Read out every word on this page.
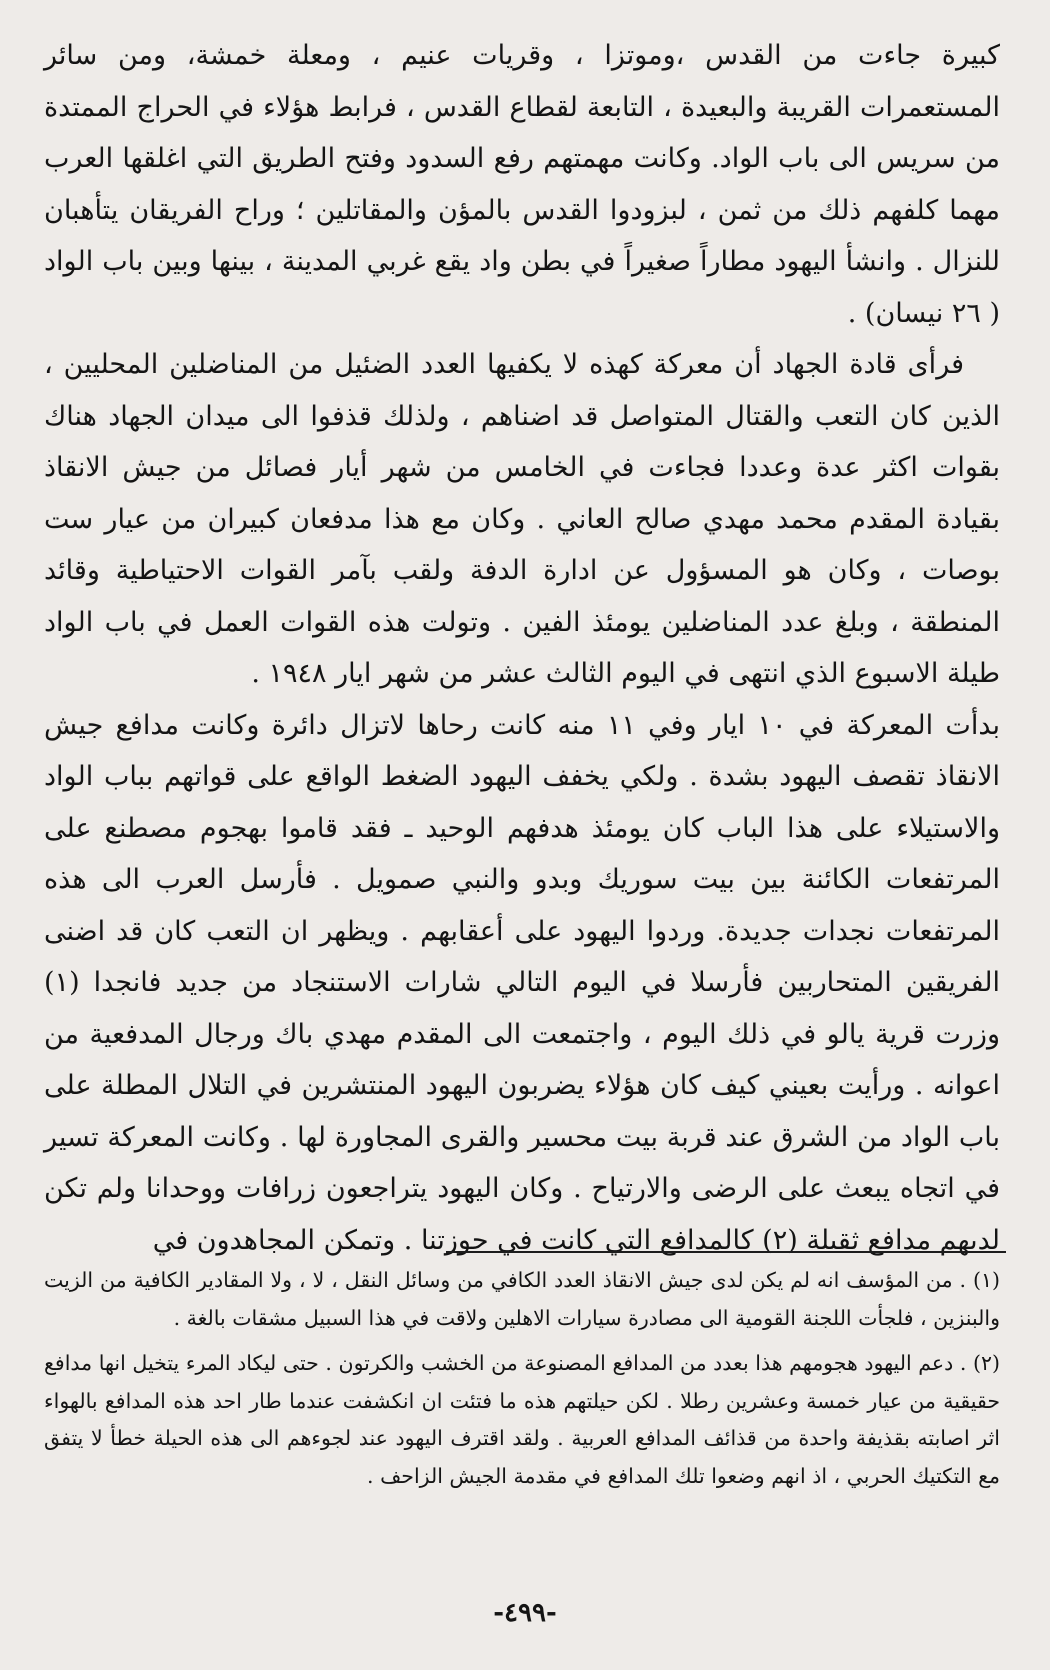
كبيرة جاءت من القدس ،وموتزا ، وقريات عنيم ، ومعلة خمشة، ومن سائر المستعمرات القريبة والبعيدة ، التابعة لقطاع القدس ، فرابط هؤلاء في الحراج الممتدة من سريس الى باب الواد. وكانت مهمتهم رفع السدود وفتح الطريق التي اغلقها العرب مهما كلفهم ذلك من ثمن ، لبزودوا القدس بالمؤن والمقاتلين ؛ وراح الفريقان يتأهبان للنزال . وانشأ اليهود مطاراً صغيراً في بطن واد يقع غربي المدينة ، بينها وبين باب الواد ( ٢٦ نيسان) .

فرأى قادة الجهاد أن معركة كهذه لا يكفيها العدد الضئيل من المناضلين المحليين ، الذين كان التعب والقتال المتواصل قد اضناهم ، ولذلك قذفوا الى ميدان الجهاد هناك بقوات اكثر عدة وعددا فجاءت في الخامس من شهر أيار فصائل من جيش الانقاذ بقيادة المقدم محمد مهدي صالح العاني . وكان مع هذا مدفعان كبيران من عيار ست بوصات ، وكان هو المسؤول عن ادارة الدفة ولقب بآمر القوات الاحتياطية وقائد المنطقة ، وبلغ عدد المناضلين يومئذ الفين . وتولت هذه القوات العمل في باب الواد طيلة الاسبوع الذي انتهى في اليوم الثالث عشر من شهر ايار ١٩٤٨ .

بدأت المعركة في ١٠ ايار وفي ١١ منه كانت رحاها لاتزال دائرة وكانت مدافع جيش الانقاذ تقصف اليهود بشدة . ولكي يخفف اليهود الضغط الواقع على قواتهم بباب الواد والاستيلاء على هذا الباب كان يومئذ هدفهم الوحيد ـ فقد قاموا بهجوم مصطنع على المرتفعات الكائنة بين بيت سوريك وبدو والنبي صمويل . فأرسل العرب الى هذه المرتفعات نجدات جديدة. وردوا اليهود على أعقابهم . ويظهر ان التعب كان قد اضنى الفريقين المتحاربين فأرسلا في اليوم التالي شارات الاستنجاد من جديد فانجدا (١) وزرت قرية يالو في ذلك اليوم ، واجتمعت الى المقدم مهدي باك ورجال المدفعية من اعوانه . ورأيت بعيني كيف كان هؤلاء يضربون اليهود المنتشرين في التلال المطلة على باب الواد من الشرق عند قربة بيت محسير والقرى المجاورة لها . وكانت المعركة تسير في اتجاه يبعث على الرضى والارتياح . وكان اليهود يتراجعون زرافات ووحدانا ولم تكن لديهم مدافع ثقيلة (٢) كالمدافع التي كانت في حوزتنا . وتمكن المجاهدون في

(١) . من المؤسف انه لم يكن لدى جيش الانقاذ العدد الكافي من وسائل النقل ، لا ، ولا المقادير الكافية من الزيت والبنزين ، فلجأت اللجنة القومية الى مصادرة سيارات الاهلين ولاقت في هذا السبيل مشقات بالغة .

(٢) . دعم اليهود هجومهم هذا بعدد من المدافع المصنوعة من الخشب والكرتون . حتى ليكاد المرء يتخيل انها مدافع حقيقية من عيار خمسة وعشرين رطلا . لكن حيلتهم هذه ما فتئت ان انكشفت عندما طار احد هذه المدافع بالهواء اثر اصابته بقذيفة واحدة من قذائف المدافع العربية . ولقد اقترف اليهود عند لجوءهم الى هذه الحيلة خطأ لا يتفق مع التكتيك الحربي ، اذ انهم وضعوا تلك المدافع في مقدمة الجيش الزاحف .

-٤٩٩-
